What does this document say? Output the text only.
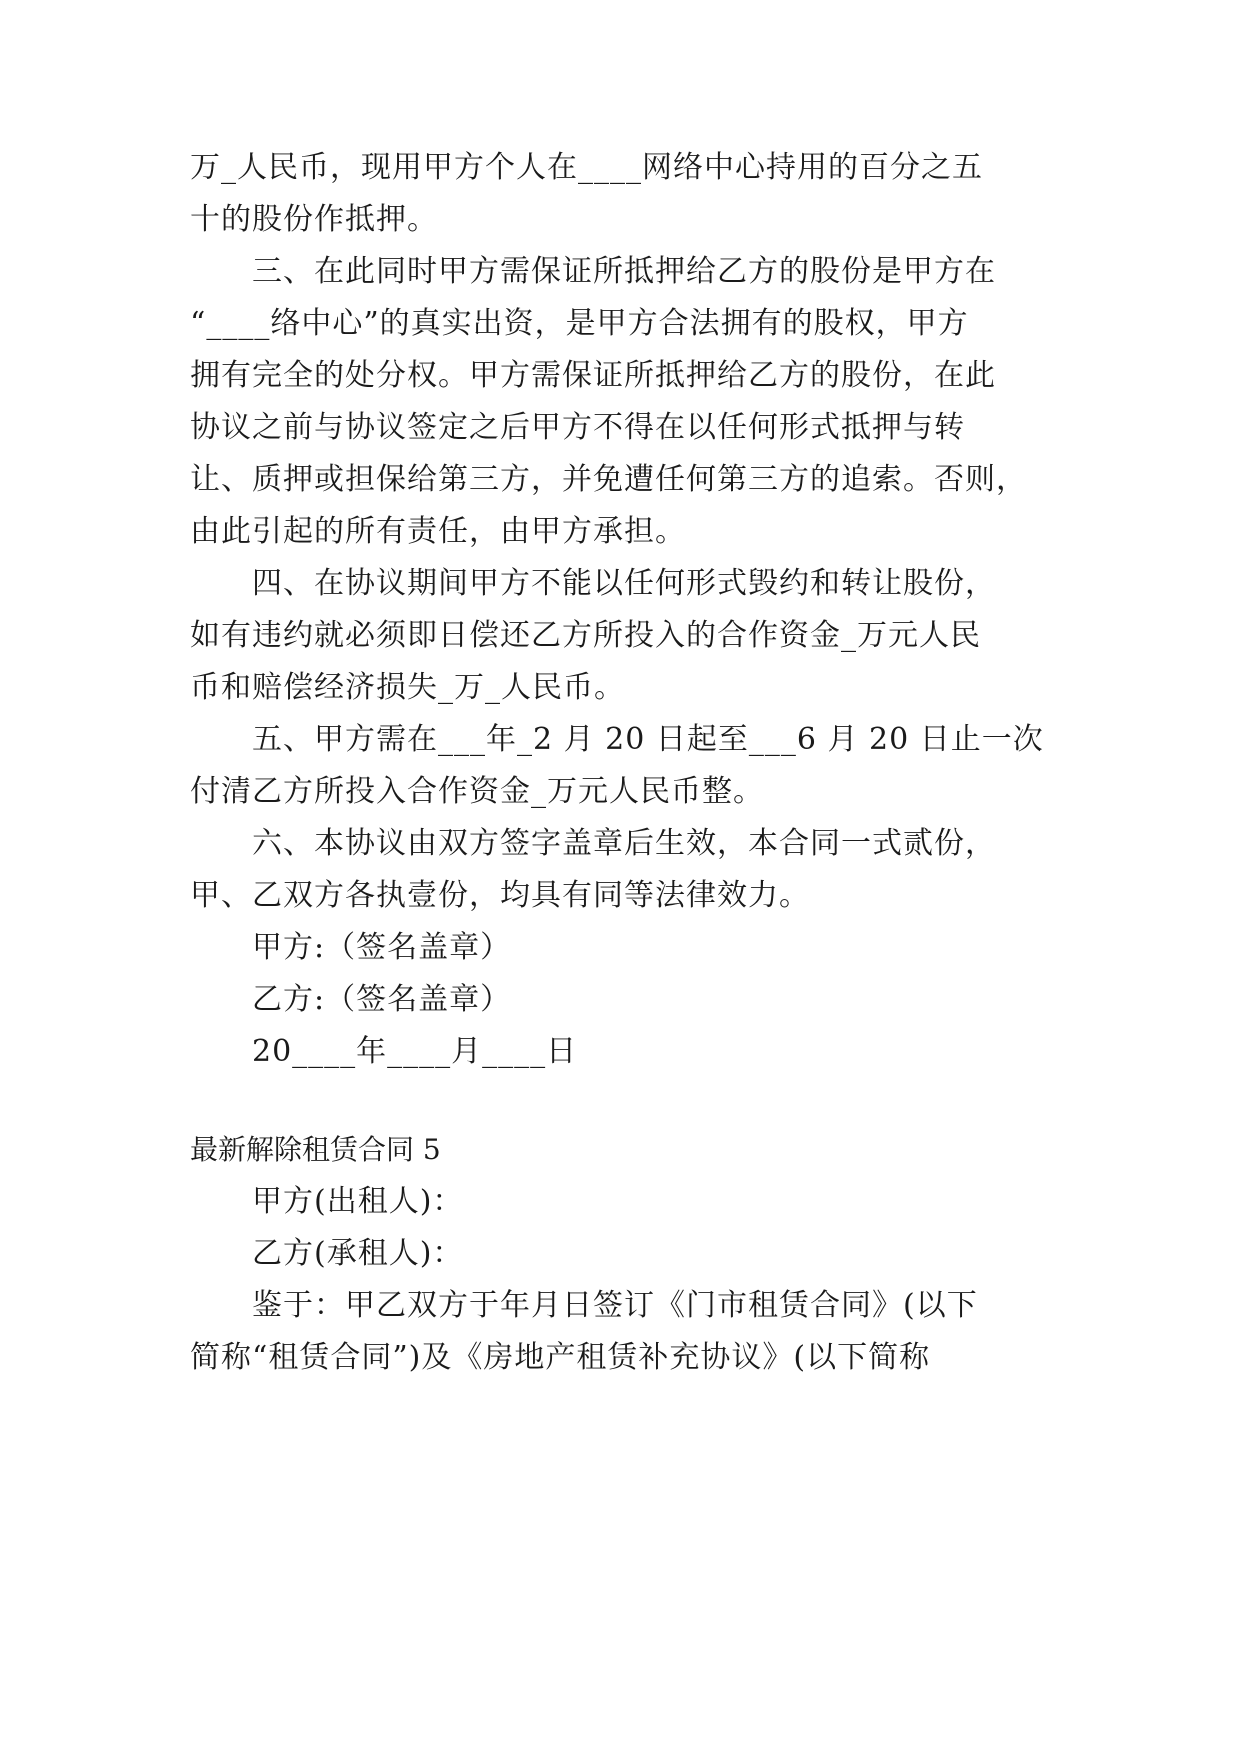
万_人民币，现用甲方个人在____网络中心持用的百分之五
十的股份作抵押。
三、在此同时甲方需保证所抵押给乙方的股份是甲方在
“____络中心”的真实出资，是甲方合法拥有的股权，甲方
拥有完全的处分权。甲方需保证所抵押给乙方的股份，在此
协议之前与协议签定之后甲方不得在以任何形式抵押与转
让、质押或担保给第三方，并免遭任何第三方的追索。否则，
由此引起的所有责任，由甲方承担。
四、在协议期间甲方不能以任何形式毁约和转让股份，
如有违约就必须即日偿还乙方所投入的合作资金_万元人民
币和赔偿经济损失_万_人民币。
五、甲方需在___年_2 月 20 日起至___6 月 20 日止一次
付清乙方所投入合作资金_万元人民币整。
六、本协议由双方签字盖章后生效，本合同一式贰份，
甲、乙双方各执壹份，均具有同等法律效力。
甲方:（签名盖章）
乙方:（签名盖章）
20____年____月____日
最新解除租赁合同 5
甲方(出租人)：
乙方(承租人)：
鉴于：甲乙双方于年月日签订《门市租赁合同》(以下
简称“租赁合同”)及《房地产租赁补充协议》(以下简称
